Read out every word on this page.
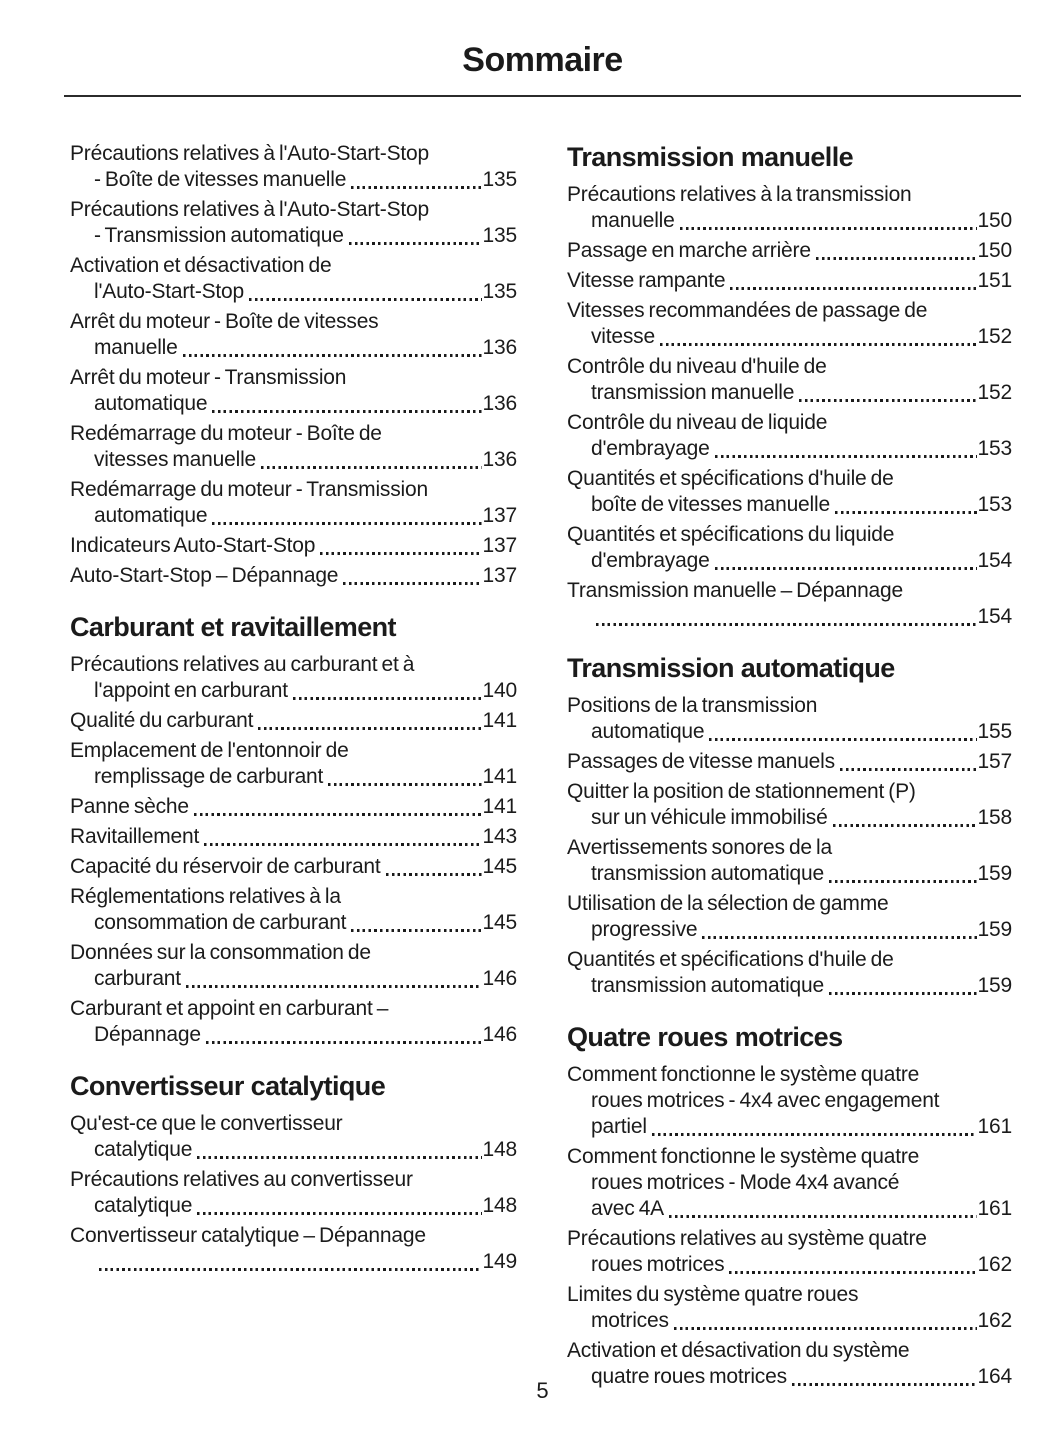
Sommaire
Précautions relatives à l'Auto-Start-Stop
- Boîte de vitesses manuelle	135
Précautions relatives à l'Auto-Start-Stop
- Transmission automatique	135
Activation et désactivation de
l'Auto-Start-Stop	135
Arrêt du moteur - Boîte de vitesses
manuelle	136
Arrêt du moteur - Transmission
automatique	136
Redémarrage du moteur - Boîte de
vitesses manuelle	136
Redémarrage du moteur - Transmission
automatique	137
Indicateurs Auto-Start-Stop	137
Auto-Start-Stop – Dépannage	137
Carburant et ravitaillement
Précautions relatives au carburant et à
l'appoint en carburant	140
Qualité du carburant	141
Emplacement de l'entonnoir de
remplissage de carburant	141
Panne sèche	141
Ravitaillement	143
Capacité du réservoir de carburant	145
Réglementations relatives à la
consommation de carburant	145
Données sur la consommation de
carburant	146
Carburant et appoint en carburant –
Dépannage	146
Convertisseur catalytique
Qu'est-ce que le convertisseur
catalytique	148
Précautions relatives au convertisseur
catalytique	148
Convertisseur catalytique – Dépannage
149
Transmission manuelle
Précautions relatives à la transmission
manuelle	150
Passage en marche arrière	150
Vitesse rampante	151
Vitesses recommandées de passage de
vitesse	152
Contrôle du niveau d'huile de
transmission manuelle	152
Contrôle du niveau de liquide
d'embrayage	153
Quantités et spécifications d'huile de
boîte de vitesses manuelle	153
Quantités et spécifications du liquide
d'embrayage	154
Transmission manuelle – Dépannage
154
Transmission automatique
Positions de la transmission
automatique	155
Passages de vitesse manuels	157
Quitter la position de stationnement (P)
sur un véhicule immobilisé	158
Avertissements sonores de la
transmission automatique	159
Utilisation de la sélection de gamme
progressive	159
Quantités et spécifications d'huile de
transmission automatique	159
Quatre roues motrices
Comment fonctionne le système quatre
roues motrices - 4x4 avec engagement
partiel	161
Comment fonctionne le système quatre
roues motrices - Mode 4x4 avancé
avec 4A	161
Précautions relatives au système quatre
roues motrices	162
Limites du système quatre roues
motrices	162
Activation et désactivation du système
quatre roues motrices	164
5
